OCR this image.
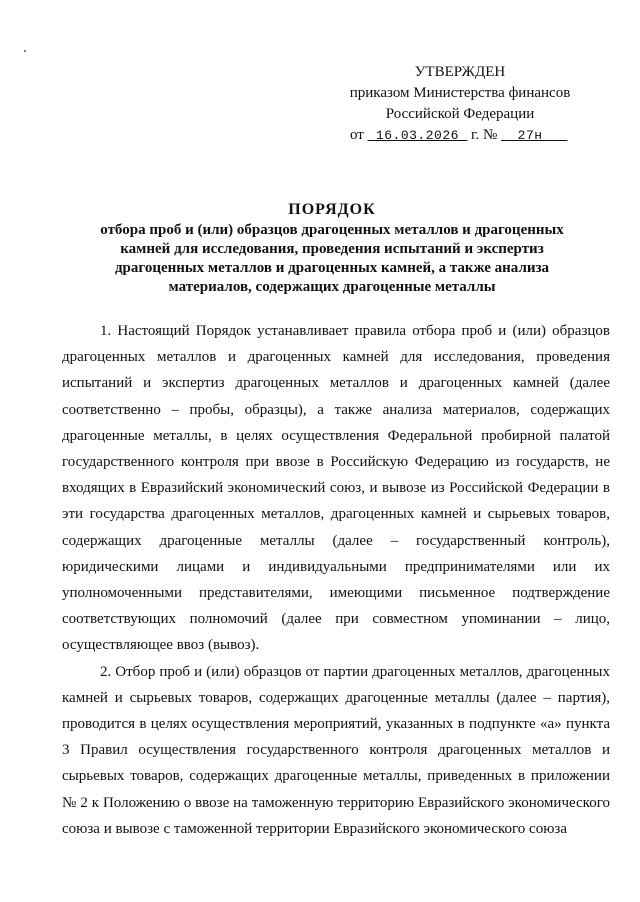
УТВЕРЖДЕН
приказом Министерства финансов
Российской Федерации
от 16.03.2026 г. № 27н
ПОРЯДОК
отбора проб и (или) образцов драгоценных металлов и драгоценных
камней для исследования, проведения испытаний и экспертиз
драгоценных металлов и драгоценных камней, а также анализа
материалов, содержащих драгоценные металлы

1. Настоящий Порядок устанавливает правила отбора проб и (или) образцов драгоценных металлов и драгоценных камней для исследования, проведения испытаний и экспертиз драгоценных металлов и драгоценных камней (далее соответственно – пробы, образцы), а также анализа материалов, содержащих драгоценные металлы, в целях осуществления Федеральной пробирной палатой государственного контроля при ввозе в Российскую Федерацию из государств, не входящих в Евразийский экономический союз, и вывозе из Российской Федерации в эти государства драгоценных металлов, драгоценных камней и сырьевых товаров, содержащих драгоценные металлы (далее – государственный контроль), юридическими лицами и индивидуальными предпринимателями или их уполномоченными представителями, имеющими письменное подтверждение соответствующих полномочий (далее при совместном упоминании – лицо, осуществляющее ввоз (вывоз).

2. Отбор проб и (или) образцов от партии драгоценных металлов, драгоценных камней и сырьевых товаров, содержащих драгоценные металлы (далее – партия), проводится в целях осуществления мероприятий, указанных в подпункте «а» пункта 3 Правил осуществления государственного контроля драгоценных металлов и сырьевых товаров, содержащих драгоценные металлы, приведенных в приложении № 2 к Положению о ввозе на таможенную территорию Евразийского экономического союза и вывозе с таможенной территории Евразийского экономического союза
